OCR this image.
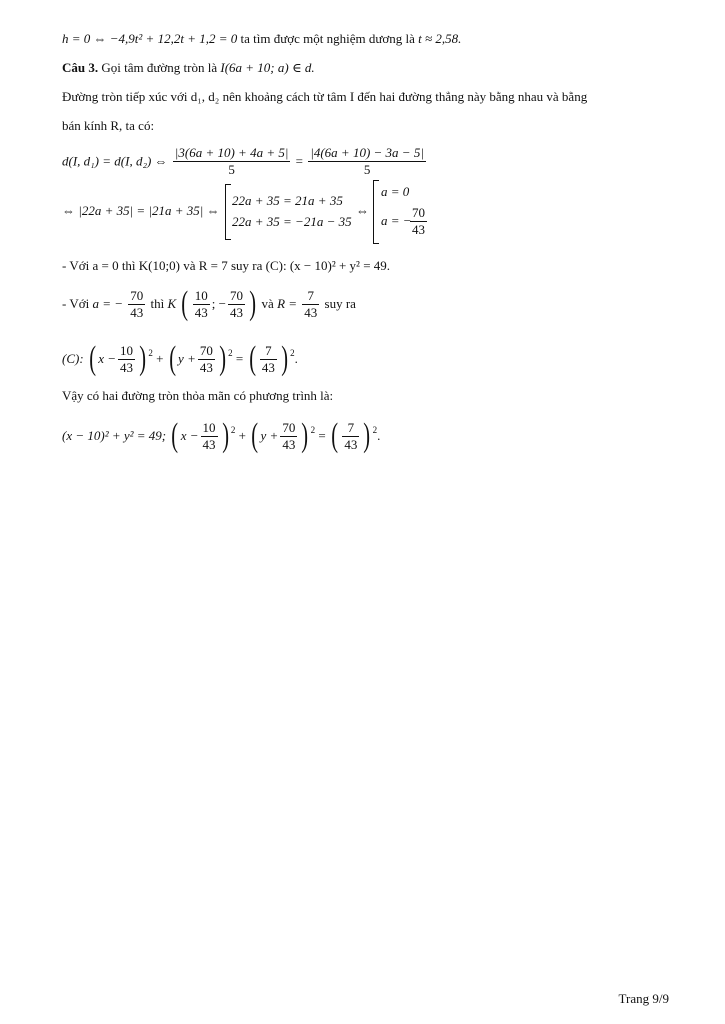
h = 0 ⇔ −4,9t² + 12,2t + 1,2 = 0 ta tìm được một nghiệm dương là t ≈ 2,58.
Câu 3. Gọi tâm đường tròn là I(6a + 10; a) ∈ d.
Đường tròn tiếp xúc với d₁, d₂ nên khoảng cách từ tâm I đến hai đường thẳng này bằng nhau và bằng
bán kính R, ta có:
d(I, d₁) = d(I, d₂) ⇔ $\frac{|3(6a + 10) + 4a + 5|}{5} = \frac{|4(6a + 10) - 3a - 5|}{5}$
⇔ |22a + 35| = |21a + 35| ⇔
22a + 35 = 21a + 35
22a + 35 = −21a − 35
⇔
a = 0
a = −
$\frac{70}{43}$
- Với a = 0 thì K(10;0) và R = 7 suy ra (C): (x − 10)² + y² = 49.
- Với a = − $\frac{70}{43}$ thì K ( $\frac{10}{43}$ ; − $\frac{70}{43}$ ) và $R = \frac{7}{43}$ suy ra
(C): ( $x - \frac{10}{43}$ ) $^2$ + ( $y + \frac{70}{43}$ ) $^2$ = ( $\frac{7}{43}$ ) $^2$.
Vậy có hai đường tròn thỏa mãn có phương trình là:
(x − 10)² + y² = 49; ( $x - \frac{10}{43}$ ) $^2$ + ( $y + \frac{70}{43}$ ) $^2$ = ( $\frac{7}{43}$ ) $^2$.
Trang 9/9
